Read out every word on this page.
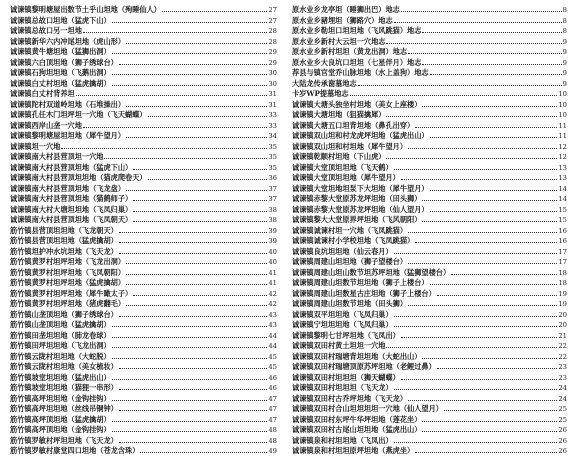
诚谏镇黎明塘屋出数节土乎山坦地（殉睡仙人）	27
诚谏镇总故口坦地（猛虎下山）	27
诚谏镇总故口另一坦地	28
诚谏镇新华六内冲尾坦地（虎山形）	28
诚谏镇黄牛塘坦地（猛狮出洞）	29
诚谏镇六白顶坦地（狮子绣球台）	29
诚谏镇石狗坦坦地（飞鹅出洞）	30
诚谏镇白丈村坦地（猛虎擒胡）	30
诚谏镇白丈村背养坦	31
诚谏镇陀村双道岭坦地（石堆操出）	31
诚谏镇孔任木门坦坪坦一穴地（飞天蝴蝶）	33
诚谏镇西岸山垄一穴地	33
诚谏镇黎明塘屋坦坦地（犀牛望月）	34
诚谏镇坦一穴地	35
诚谏镇南大村县营顶坦一穴地	35
诚谏镇南大村县营顶坦地（猛虎下山）	35
诚谏镇南大村县营顶坦坦地（猫虎爬卷天）	36
诚谏镇南大村县营顶坦地（飞龙盘）	37
诚谏镇南大村县营顶坦地（猫鹤师子）	37
诚谏镇南大村大塘坦坦地（飞凤归巢）	38
诚谏镇南大村县营顶坦地（飞凤朝天）	38
筋竹镇县营顶坦坦地（飞龙朝天）	39
筋竹镇县营顶坦坦地（猛虎擒胡）	39
筋竹镇坦护冲水坑坦地（飞天龙）	40
筋竹镇黄罗村坦坪坦地（飞龙出洞）	40
筋竹镇黄罗村坦坪坦地（飞凤朝阳）	41
筋竹镇黄罗村坦坪坦地（猛虎擒胡）	41
筋竹镇黄罗村坦坪坦地（犀牛瞰太子）	42
筋竹镇黄罗村坦坪坦地（猪虎翻毛）	42
筋竹镇山垄顶坦地（狮子绣球台）	43
筋竹镇山垄顶坦地（猛虎擒胡）	43
筋竹镇田垄坦坦地（肺龙卷球）	44
筋竹镇田坪坦坦地（飞龙出洞）	44
筋竹镇云陇村坦坦地（大蛇脱）	45
筋竹镇云陇村坦坦地（美女梳妆）	45
筋竹镇坡堂坦坦地（猛虎出山）	46
筋竹镇坡堂坦坦地（猫狸一串形）	46
筋竹镇高坪坦坦地（金钩挂钩）	47
筋竹镇高坪坦坦地（丝线吊铜钟）	47
筋竹镇高坪顶坦地（猛虎擒胡）	47
筋竹镇高坪顶坦地（金钩挂钩）	48
筋竹镇罗敏村坪坦坦地（飞天龙）	48
筋竹镇罗敏村康堂四口坦地（苍龙含珠）	49
原水业乡龙亭坦（睡狮出巴）地志	8
原水业乡豬埋坦（狮路穴）地志	8
原水业乡勒坦口坦坦地（飞风跳猫）地志	8
原水业乡新村大云坦一穴地志	9
原水业乡新村坦坦（黄龙出洞）地志	9
原水业乡大良坑口坦坦（七星伴月）地志	9
荐县与镇官堂乔山脉坦地（水上盖狗）地志	9
大陆龙传承谢墓地志	9
卡岁WP提墓地志	10
诚谏镇大塘头独坐村坦地（美女上座楼）	10
诚谏镇大塘坦地（狙猫擒犀）	10
诚谏镇大塘五口坦背坦地（鼻孔出穿）	11
诚谏镇双山坦和村龙虎坪坦地（猛虎出山）	11
诚谏镇双山坦和村坦地（犀牛望月）	12
诚谏镇乾顺村坦地（下山虎）	12
诚谏镇大堂顶坦坦地（飞天鹤）	13
诚谏镇大堂顶坦坦地（犀牛望月）	13
诚谏镇大堂坦地坦泵下大坦地（犀牛望月）	14
诚谏镇赤黎大堂原苏龙坪坦地（田头狮）	14
诚谏镇赤黎大堂原苏龙坪坦地（仙人望月）	15
诚谏镇黎大大堂原界坪坦地（飞风朝阳）	15
诚谏镇诚谏村坦一穴地（飞凤跳猫）	16
诚谏镇诚谏村小学校坦地（飞凤跳猫）	16
诚谏镇良坑坦坦地（仙云春月）	17
诚谏镇周建山坦坦地（狮子望楼台）	17
诚谏镇周建山坦山数节坦苏坪坦地（猛狮望楼台）	18
诚谏镇周建山坦数节坦坦地（狮子上楼台）	18
诚谏镇周建山坦数星古庄坦地（狮子上楼台）	19
诚谏镇周建山坦数节坦地（田头狮）	19
诚谏镇双平坦坦地（飞凤归巢）	20
诚谏镇宁坦坦坦地（飞凤归巢）	20
诚谏镇黎明七甘坪坦地（飞凤出）	21
诚谏镇双田村黄土坦坦一穴地	22
诚谏镇双田村瑞塘背坦坦地（大蛇出山）	22
诚谏镇双田村瑞塘顶原苏坪坦地（老鲤过鼻）	23
诚谏镇双田村坦坦坦（狮天蝴蝶）	23
诚谏镇双田村坦坦坦（飞天龙）	24
诚谏镇双田村古乔坪坦地（飞天龙）	24
诚谏镇双田村合山坦坦坦坦一穴地（仙人望月）	25
诚谏镇双田村东坪牛华坪坦地（莲花坐）	25
诚谏镇双田村古尾山坦坦地（猛虎出山）	26
诚谏镇泉和村坦坦地（飞凤出）	26
诚谏镇泉和村坦坦原坪坦地（燕虎坐）	26
